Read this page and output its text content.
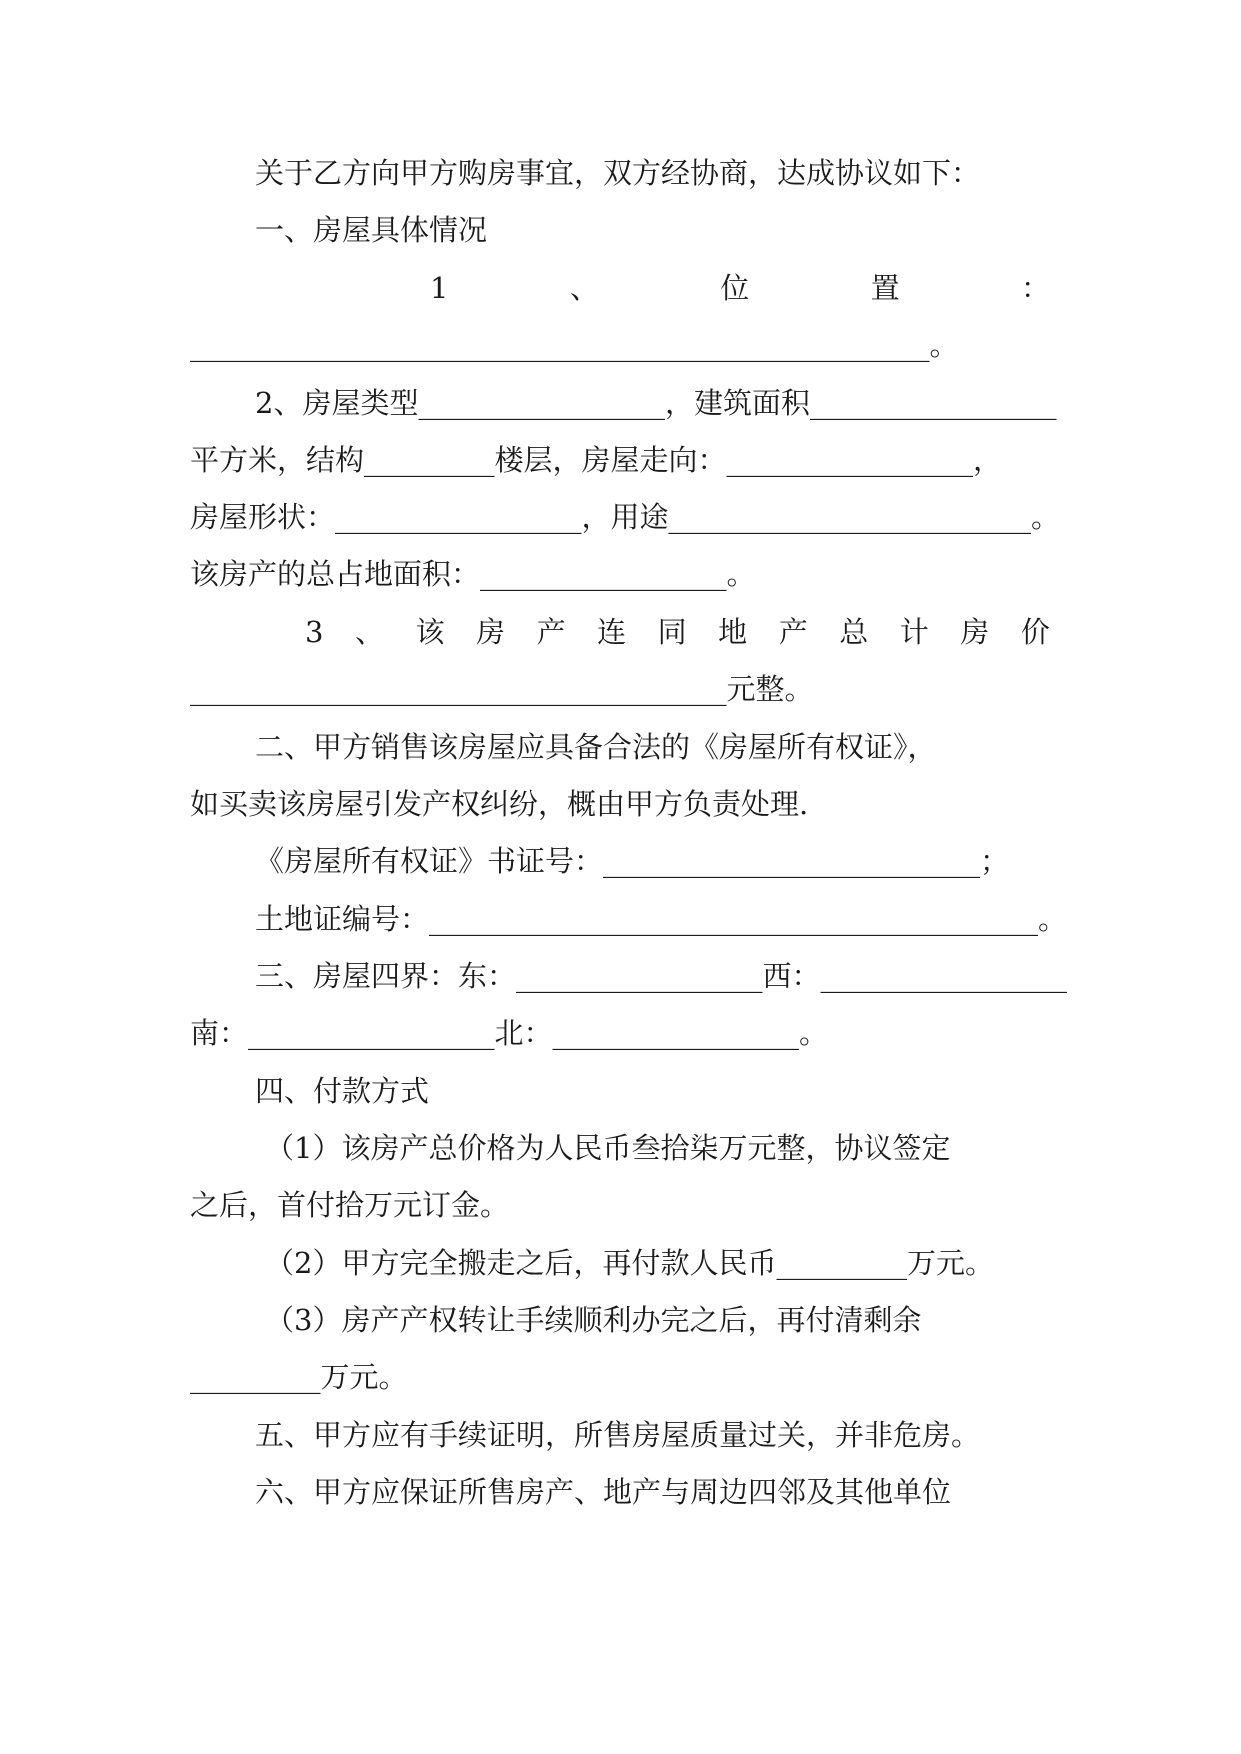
关于乙方向甲方购房事宜，双方经协商，达成协议如下：
一、房屋具体情况
1	、	位	置	：
___________________________________________________。
2、房屋类型_________________，建筑面积_________________
平方米，结构_________楼层，房屋走向：_________________，
房屋形状：_________________，用途_________________________。
该房产的总占地面积：_________________。
3 、 该 房 产 连 同 地 产 总 计 房 价
_____________________________________元整。
二、甲方销售该房屋应具备合法的《房屋所有权证》，
如买卖该房屋引发产权纠纷，概由甲方负责处理.
《房屋所有权证》书证号：__________________________；
土地证编号：__________________________________________。
三、房屋四界：东：_________________西：_________________
南：_________________北：_________________。
四、付款方式
（1）该房产总价格为人民币叁拾柒万元整，协议签定
之后，首付拾万元订金。
（2）甲方完全搬走之后，再付款人民币_________万元。
（3）房产产权转让手续顺利办完之后，再付清剩余
_________万元。
五、甲方应有手续证明，所售房屋质量过关，并非危房。
六、甲方应保证所售房产、地产与周边四邻及其他单位
